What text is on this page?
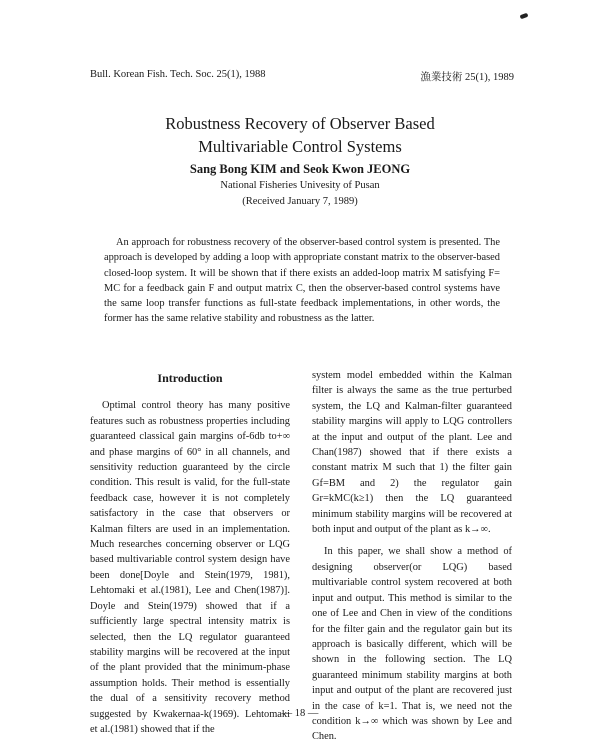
Bull. Korean Fish. Tech. Soc. 25(1), 1988	漁業技術 25(1), 1989
Robustness Recovery of Observer Based
Multivariable Control Systems
Sang Bong KIM and Seok Kwon JEONG
National Fisheries Univesity of Pusan
(Received January 7, 1989)
An approach for robustness recovery of the observer-based control system is presented. The approach is developed by adding a loop with appropriate constant matrix to the observer-based closed-loop system. It will be shown that if there exists an added-loop matrix M satisfying F= MC for a feedback gain F and output matrix C, then the observer-based control systems have the same loop transfer functions as full-state feedback implementations, in other words, the former has the same relative stability and robustness as the latter.
Introduction

Optimal control theory has many positive features such as robustness properties including guaranteed classical gain margins of-6db to+∞ and phase margins of 60° in all channels, and sensitivity reduction guaranteed by the circle condition. This result is valid, for the full-state feedback case, however it is not completely satisfactory in the case that observers or Kalman filters are used in an implementation. Much researches concerning observer or LQG based multivariable control system design have been done[Doyle and Stein(1979, 1981), Lehtomaki et al.(1981), Lee and Chen(1987)]. Doyle and Stein(1979) showed that if a sufficiently large spectral intensity matrix is selected, then the LQ regulator guaranteed stability margins will be recovered at the input of the plant provided that the minimum-phase assumption holds. Their method is essentially the dual of a sensitivity recovery method suggested by Kwakernaa-k(1969). Lehtomaki et al.(1981) showed that if the

system model embedded within the Kalman filter is always the same as the true perturbed system, the LQ and Kalman-filter guaranteed stability margins will apply to LQG controllers at the input and output of the plant. Lee and Chan(1987) showed that if there exists a constant matrix M such that 1) the filter gain Gf=BM and 2) the regulator gain Gr=kMC(k≥1) then the LQ guaranteed minimum stability margins will be recovered at both input and output of the plant as k→∞.

In this paper, we shall show a method of designing observer(or LQG) based multivariable control system recovered at both input and output. This method is similar to the one of Lee and Chen in view of the conditions for the filter gain and the regulator gain but its approach is basically different, which will be shown in the following section. The LQ guaranteed minimum stability margins at both input and output of the plant are recovered just in the case of k=1. That is, we need not the condition k→∞ which was shown by Lee and Chen.

— 18 —
